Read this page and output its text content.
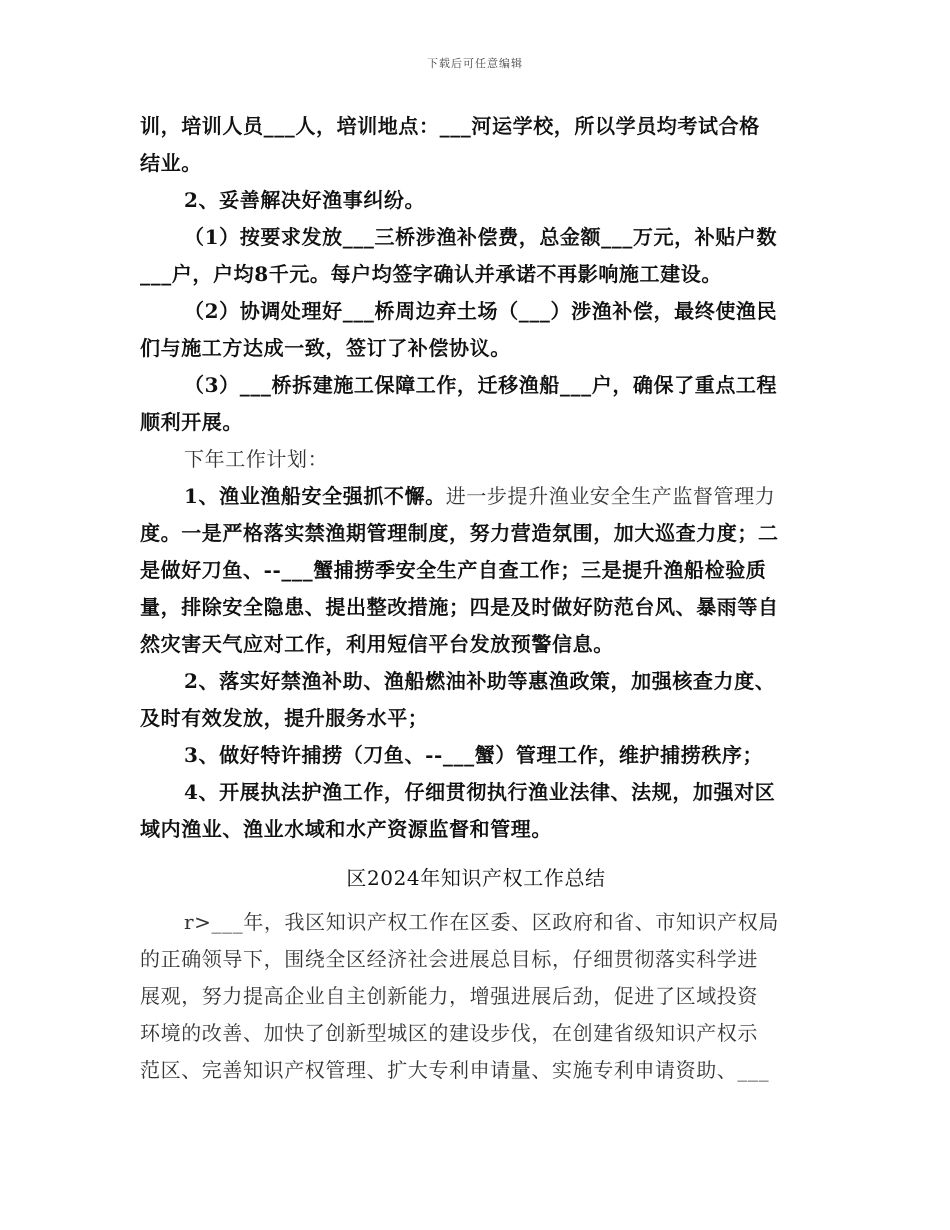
下载后可任意编辑
训，培训人员___人，培训地点：___河运学校，所以学员均考试合格
结业。
2、妥善解决好渔事纠纷。
（1）按要求发放___三桥涉渔补偿费，总金额___万元，补贴户数
___户，户均8千元。每户均签字确认并承诺不再影响施工建设。
（2）协调处理好___桥周边弃土场（___）涉渔补偿，最终使渔民
们与施工方达成一致，签订了补偿协议。
（3）___桥拆建施工保障工作，迁移渔船___户，确保了重点工程
顺利开展。
下年工作计划：
1、渔业渔船安全强抓不懈。进一步提升渔业安全生产监督管理力
度。一是严格落实禁渔期管理制度，努力营造氛围，加大巡查力度；二
是做好刀鱼、--___蟹捕捞季安全生产自查工作；三是提升渔船检验质
量，排除安全隐患、提出整改措施；四是及时做好防范台风、暴雨等自
然灾害天气应对工作，利用短信平台发放预警信息。
2、落实好禁渔补助、渔船燃油补助等惠渔政策，加强核查力度、
及时有效发放，提升服务水平；
3、做好特许捕捞（刀鱼、--___蟹）管理工作，维护捕捞秩序；
4、开展执法护渔工作，仔细贯彻执行渔业法律、法规，加强对区
域内渔业、渔业水域和水产资源监督和管理。
区2024年知识产权工作总结
r>___年，我区知识产权工作在区委、区政府和省、市知识产权局
的正确领导下，围绕全区经济社会进展总目标，仔细贯彻落实科学进
展观，努力提高企业自主创新能力，增强进展后劲，促进了区域投资
环境的改善、加快了创新型城区的建设步伐，在创建省级知识产权示
范区、完善知识产权管理、扩大专利申请量、实施专利申请资助、___
